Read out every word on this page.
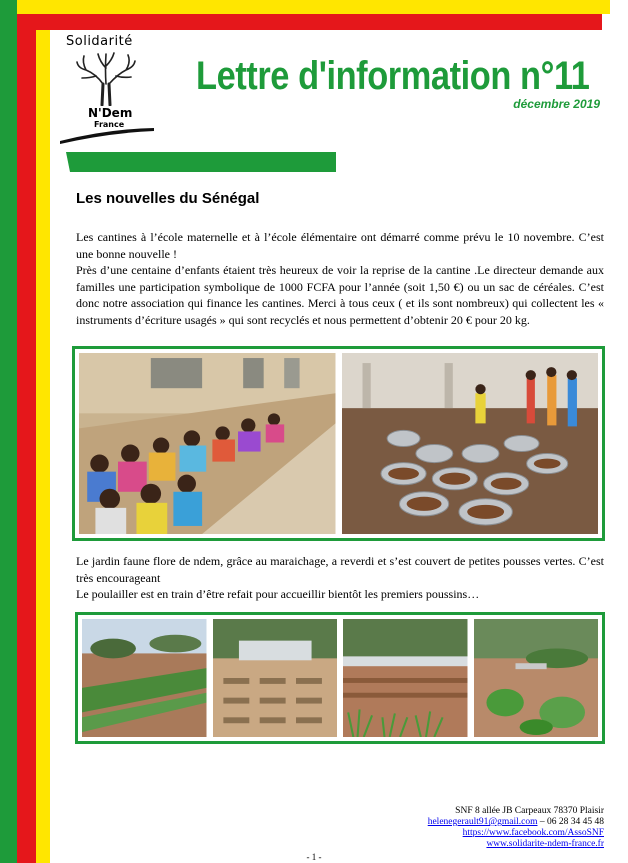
Solidarité
N'Dem
France
Lettre d'information n°11
décembre 2019
Les nouvelles du Sénégal

Les cantines à l’école maternelle et à l’école élémentaire ont démarré comme prévu le 10 novembre. C’est une bonne nouvelle !

Près d’une centaine d’enfants étaient très heureux de voir la reprise de la cantine .Le directeur demande aux familles une participation symbolique de 1000 FCFA pour l’année (soit 1,50 €) ou un sac de céréales. C’est donc notre association qui finance les cantines. Merci à tous ceux ( et ils sont nombreux) qui collectent les « instruments d’écriture usagés » qui sont recyclés et nous permettent d’obtenir 20 € pour 20 kg.

Le jardin faune flore de ndem, grâce au maraichage, a reverdi et s’est couvert de petites pousses vertes. C’est très encourageant

Le poulailler est en train d’être refait pour accueillir bientôt les premiers poussins…

SNF 8 allée JB Carpeaux 78370 Plaisir
helenegerault91@gmail.com – 06 28 34 45 48
https://www.facebook.com/AssoSNF
www.solidarite-ndem-france.fr
- 1 -
